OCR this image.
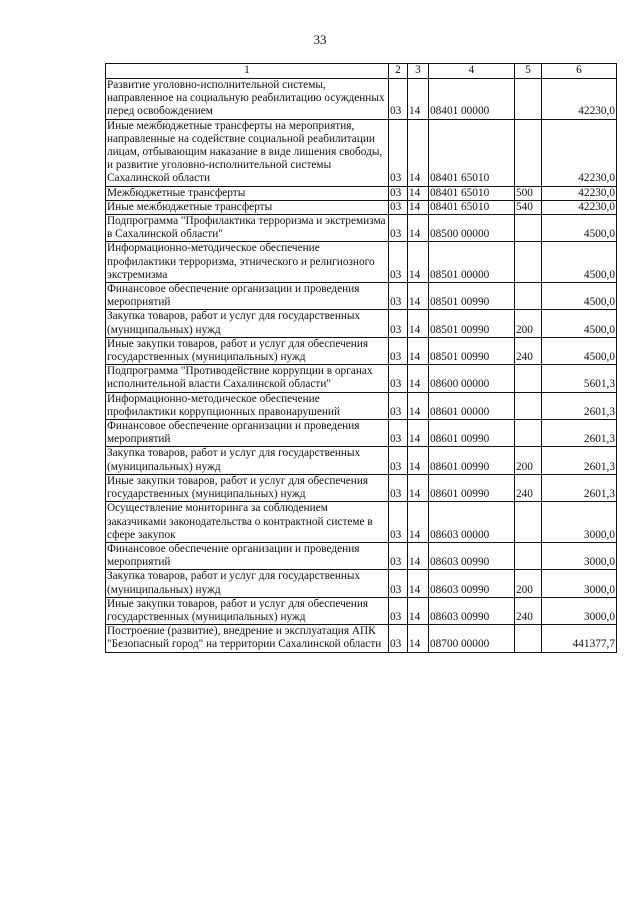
33
1	2	3	4	5	6
Развитие уголовно-исполнительной системы, направленное на социальную реабилитацию осужденных перед освобождением	03	14	08401 00000		42230,0
Иные межбюджетные трансферты на мероприятия, направленные на содействие социальной реабилитации лицам, отбывающим наказание в виде лишения свободы, и развитие уголовно-исполнительной системы Сахалинской области	03	14	08401 65010		42230,0
Межбюджетные трансферты	03	14	08401 65010	500	42230,0
Иные межбюджетные трансферты	03	14	08401 65010	540	42230,0
Подпрограмма "Профилактика терроризма и экстремизма в Сахалинской области"	03	14	08500 00000		4500,0
Информационно-методическое обеспечение профилактики терроризма, этнического и религиозного экстремизма	03	14	08501 00000		4500,0
Финансовое обеспечение организации и проведения мероприятий	03	14	08501 00990		4500,0
Закупка товаров, работ и услуг для государственных (муниципальных) нужд	03	14	08501 00990	200	4500,0
Иные закупки товаров, работ и услуг для обеспечения государственных (муниципальных) нужд	03	14	08501 00990	240	4500,0
Подпрограмма "Противодействие коррупции в органах исполнительной власти Сахалинской области"	03	14	08600 00000		5601,3
Информационно-методическое обеспечение профилактики коррупционных правонарушений	03	14	08601 00000		2601,3
Финансовое обеспечение организации и проведения мероприятий	03	14	08601 00990		2601,3
Закупка товаров, работ и услуг для государственных (муниципальных) нужд	03	14	08601 00990	200	2601,3
Иные закупки товаров, работ и услуг для обеспечения государственных (муниципальных) нужд	03	14	08601 00990	240	2601,3
Осуществление мониторинга за соблюдением заказчиками законодательства о контрактной системе в сфере закупок	03	14	08603 00000		3000,0
Финансовое обеспечение организации и проведения мероприятий	03	14	08603 00990		3000,0
Закупка товаров, работ и услуг для государственных (муниципальных) нужд	03	14	08603 00990	200	3000,0
Иные закупки товаров, работ и услуг для обеспечения государственных (муниципальных) нужд	03	14	08603 00990	240	3000,0
Построение (развитие), внедрение и эксплуатация АПК "Безопасный город" на территории Сахалинской области	03	14	08700 00000		441377,7
